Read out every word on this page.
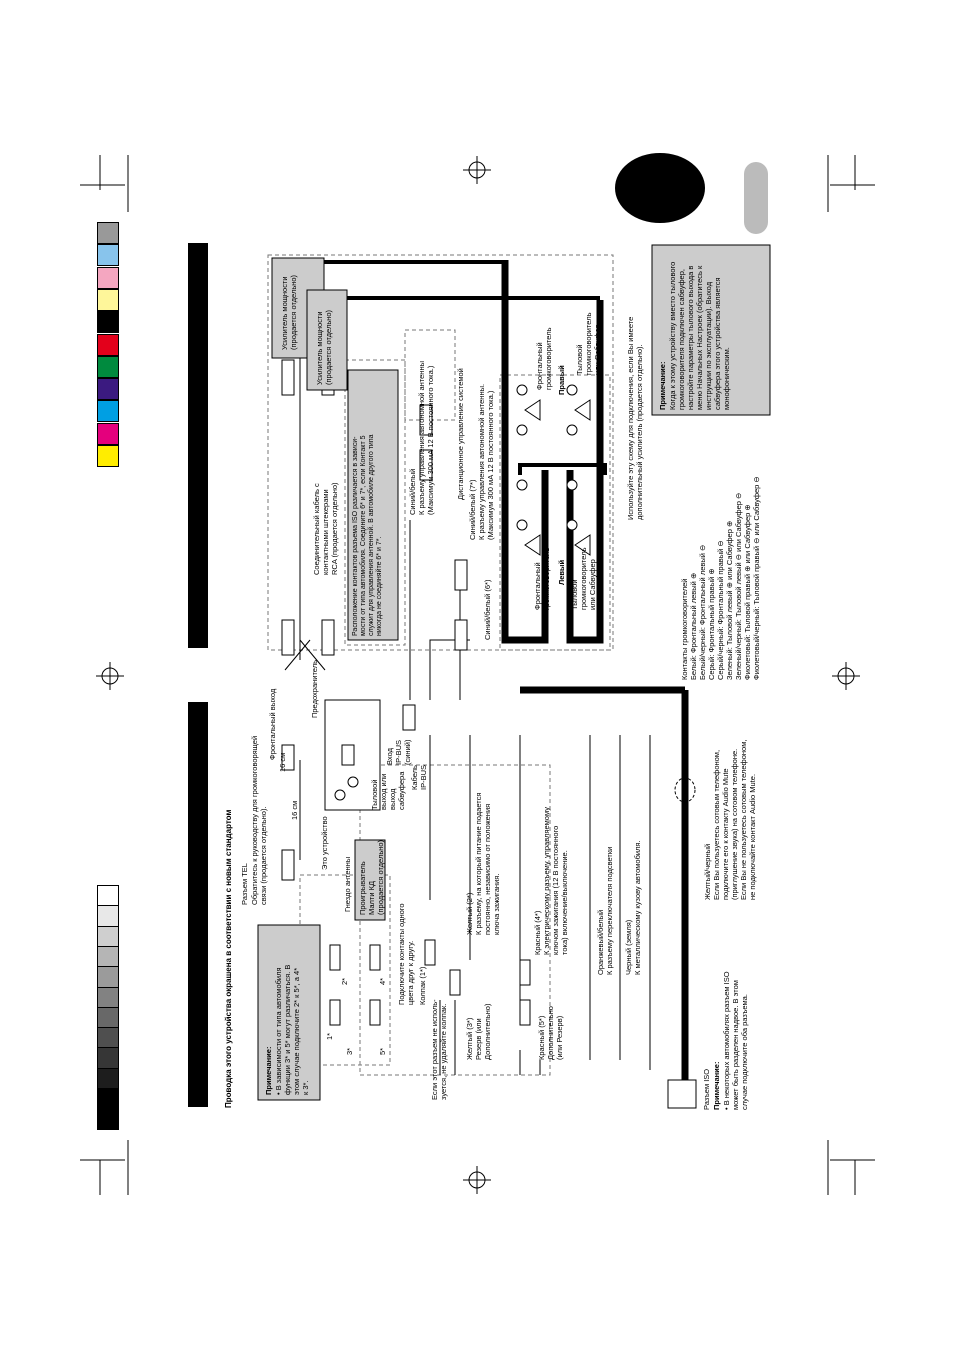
Проводка этого устройства окрашена в соответствии с новым стандартом	Примечание: • В зависимости от типа автомобиля
функции 3* и 5* могут различаться. В
этом случае подключите 2* к 5*, а 4*
к 3*.
Разъем TEL Обратитесь к руководству для громкоговорящей
связи (продается отдельно).
Фронтальный выход
16 см
16 см
Предохранитель
Это устройство
Гнездо антенны Проигрыватель
Малти КД
(продается отдельно)
Тыловой
выход или
выход
сабвуфера
Вход
IP-BUS
(синий)
Кабель
IP-BUS
1*
2*
3*
4*
5*
Подключите контакты одного
цвета друг к другу.
Колпак (1*)
Если этот разъем не исполь-
зуется, не удаляйте колпак.
Желтый (3*)
Резерв (или
Дополнительно)
Желтый (2*)
К разъему, на который питание подается
постоянно, независимо от положения
ключа зажигания.
Красный (5*)
Дополнительно
(или Резерв)
Красный (4*)
К электрическому разъему, управляемому
ключом зажигания (12 В постоянного
тока) включение/выключение.
Оранжевый/белый
К разъему переключателя подсветки
Черный (земля)
К металлическому кузову автомобиля.
Разъем ISO Примечание: • В некоторых автомобилях разъем ISO
может быть разделен надвое. В этом
случае подключите оба разъема.
Желтый/черный
Если Вы пользуетесь сотовым телефоном,
подключите его к контакту Audio Mute
(приглушение звука) на сотовом телефоне.
Если Вы не пользуетесь сотовым телефоном,
не подключайте контакт Audio Mute.
Усилитель мощности
(продается отдельно)
Усилитель мощности
(продается отдельно)
Соединительный кабель с
контактными штекерами
RCA (продается отдельно)
Расположение контактов разъема ISO различается в зависи-
мости от типа автомобиля. Соедините 6* и 7*, если Контакт 5
служит для управления антенной. В автомобиле другого типа
никогда не соединяйте 6* и 7*.
Синий/белый
К разъему управления автономной антенны
(Максимум 300 мА 12 В постоянного тока.)	Дистанционное управление системой
Синий/белый (7*)
К разъему управления автономной антенны.
(Максимум 300 мА 12 В постоянного тока.)
Синий/белый (6*)	Фронтальный
громкоговоритель Левый
Тыловой
громкоговоритель
или Сабвуфер
Фронтальный
громкоговоритель Правый
Тыловой
громкоговоритель
или Сабвуфер
Используйте эту схему для подключения, если Вы имеете
дополнительный усилитель (продается отдельно). Примечание: Когда к этому устройству вместо тылового
громкоговорителя подключен сабвуфер,
настройте параметры тылового выхода в
меню Начальных Настроек (обратитесь к
инструкции по эксплуатации). Выход
сабвуфера этого устройства является
монофоническим.
Контакты громкоговорителей
Белый: Фронтальный левый ⊕
Белый/черный: Фронтальный левый ⊖
Серый: Фронтальный правый ⊕
Серый/черный: Фронтальный правый ⊖
Зеленый: Тыловой левый ⊕ или Сабвуфер ⊕
Зеленый/черный: Тыловой левый ⊖ или Сабвуфер ⊖
Фиолетовый: Тыловой правый ⊕ или Сабвуфер ⊕
Фиолетовый/черный: Тыловой правый ⊖ или Сабвуфер ⊖
